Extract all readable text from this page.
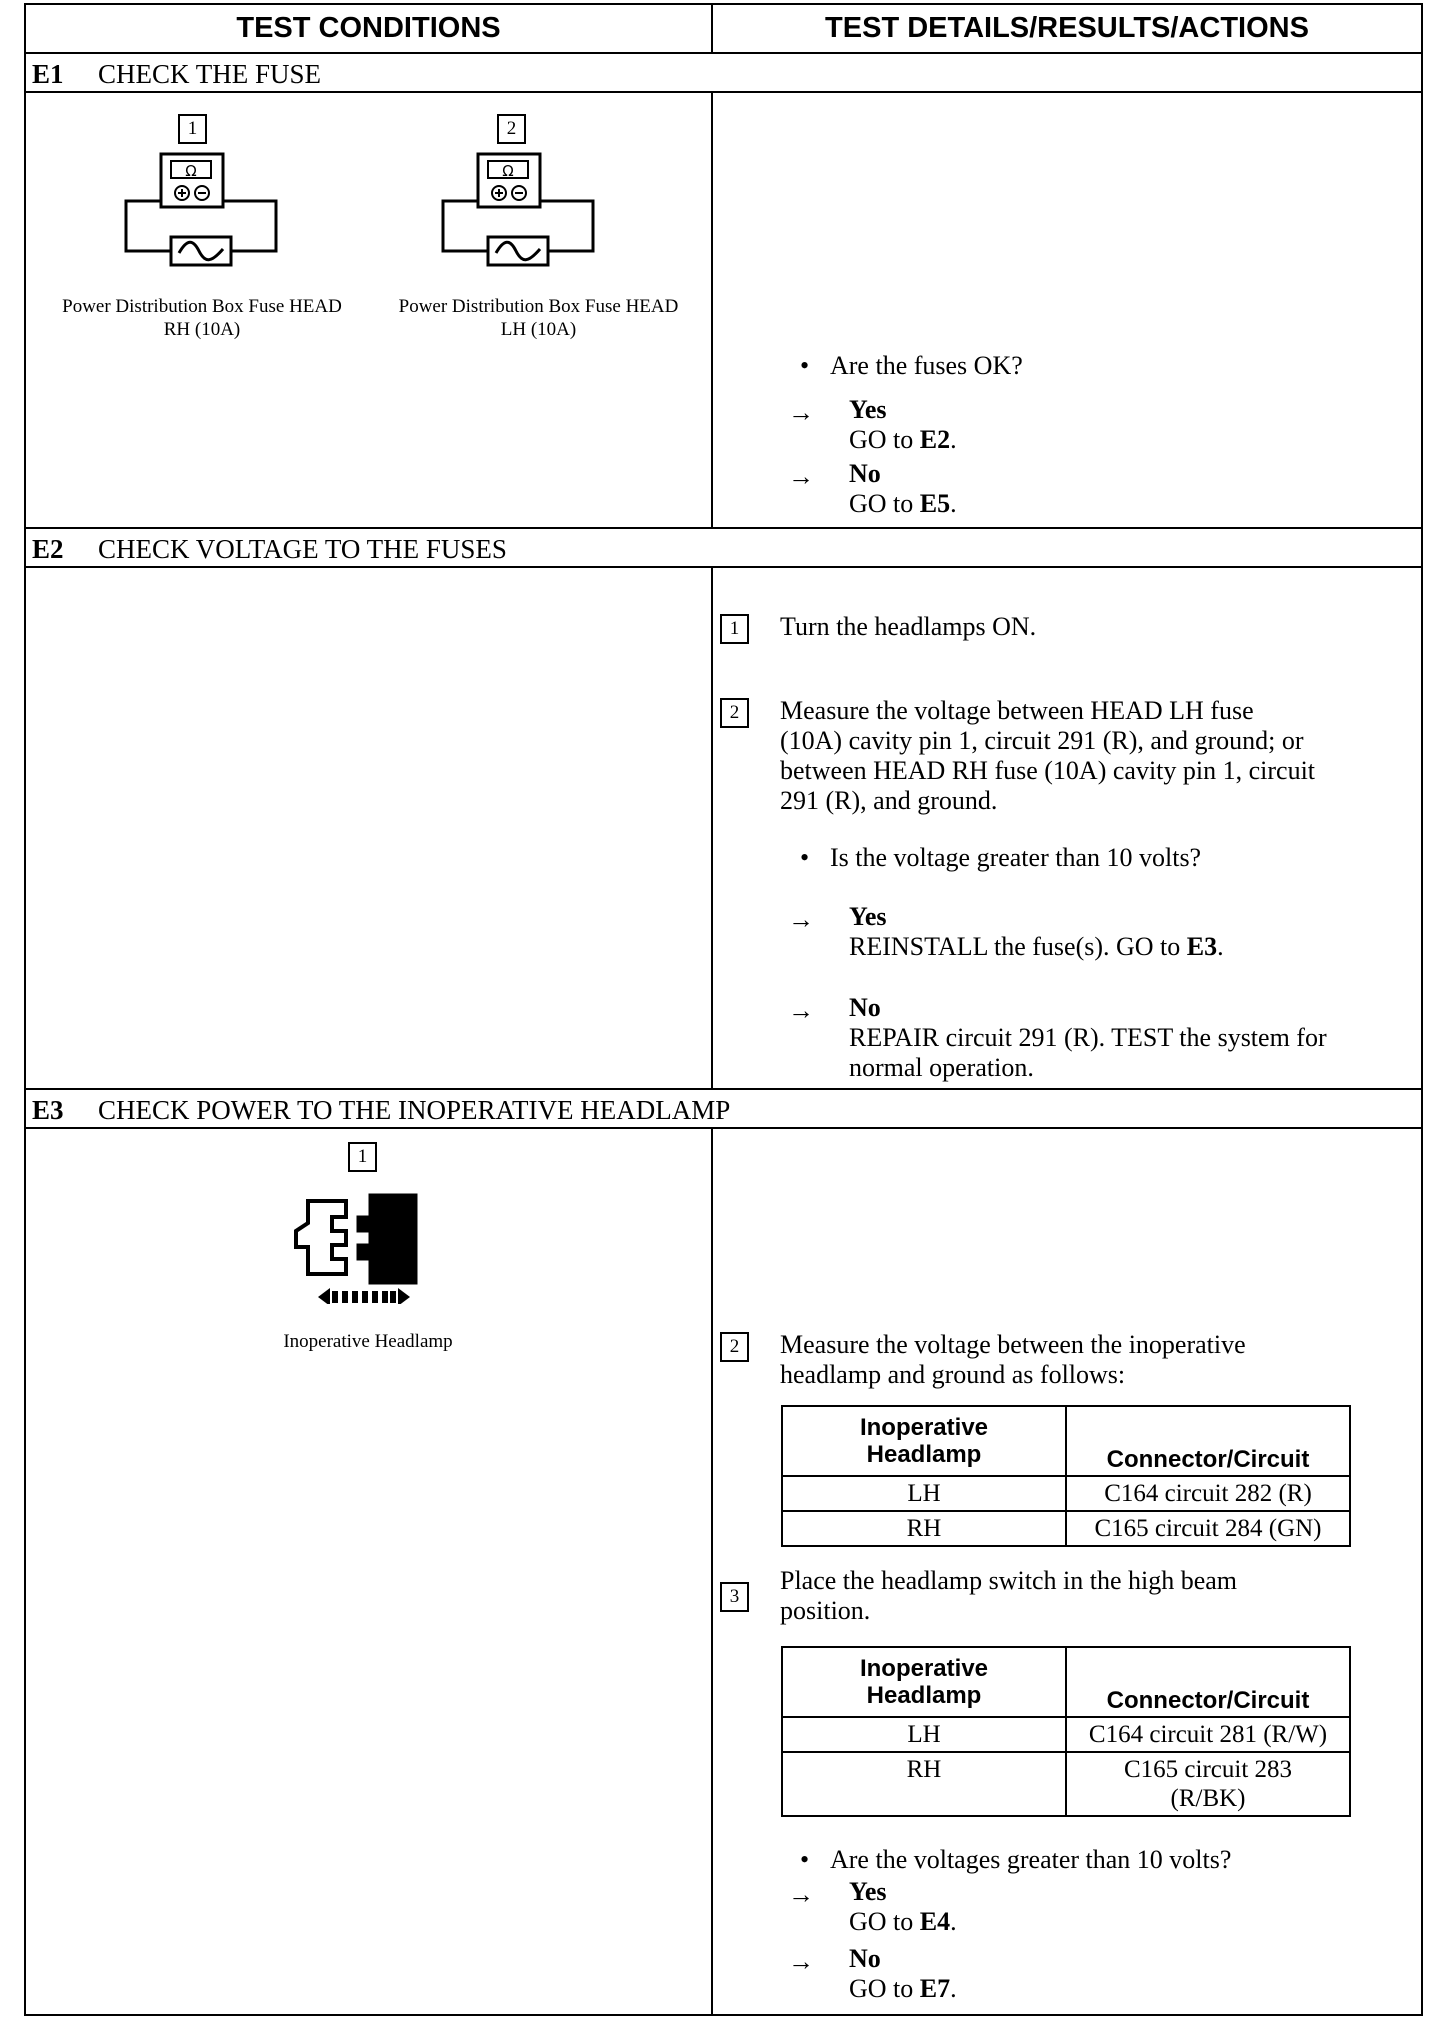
TEST CONDITIONS	TEST DETAILS/RESULTS/ACTIONS
E1 CHECK THE FUSE
1
Ω
Power Distribution Box Fuse HEAD
RH (10A)
2
Ω
Power Distribution Box Fuse HEAD
LH (10A)
• Are the fuses OK?
→ Yes
GO to E2.
→ No
GO to E5.
E2 CHECK VOLTAGE TO THE FUSES
1	Turn the headlamps ON.
2	Measure the voltage between HEAD LH fuse
(10A) cavity pin 1, circuit 291 (R), and ground; or
between HEAD RH fuse (10A) cavity pin 1, circuit
291 (R), and ground.
• Is the voltage greater than 10 volts?
→ Yes
REINSTALL the fuse(s). GO to E3.
→ No
REPAIR circuit 291 (R). TEST the system for
normal operation.
E3 CHECK POWER TO THE INOPERATIVE HEADLAMP
1
Inoperative Headlamp	2	Measure the voltage between the inoperative
headlamp and ground as follows:
Inoperative
Headlamp	Connector/Circuit
LH	C164 circuit 282 (R)
RH	C165 circuit 284 (GN)
3
Place the headlamp switch in the high beam
position.
Inoperative
Headlamp	Connector/Circuit
LH	C164 circuit 281 (R/W)
RH	C165 circuit 283
(R/BK)
• Are the voltages greater than 10 volts?
→ Yes
GO to E4.
→ No
GO to E7.
